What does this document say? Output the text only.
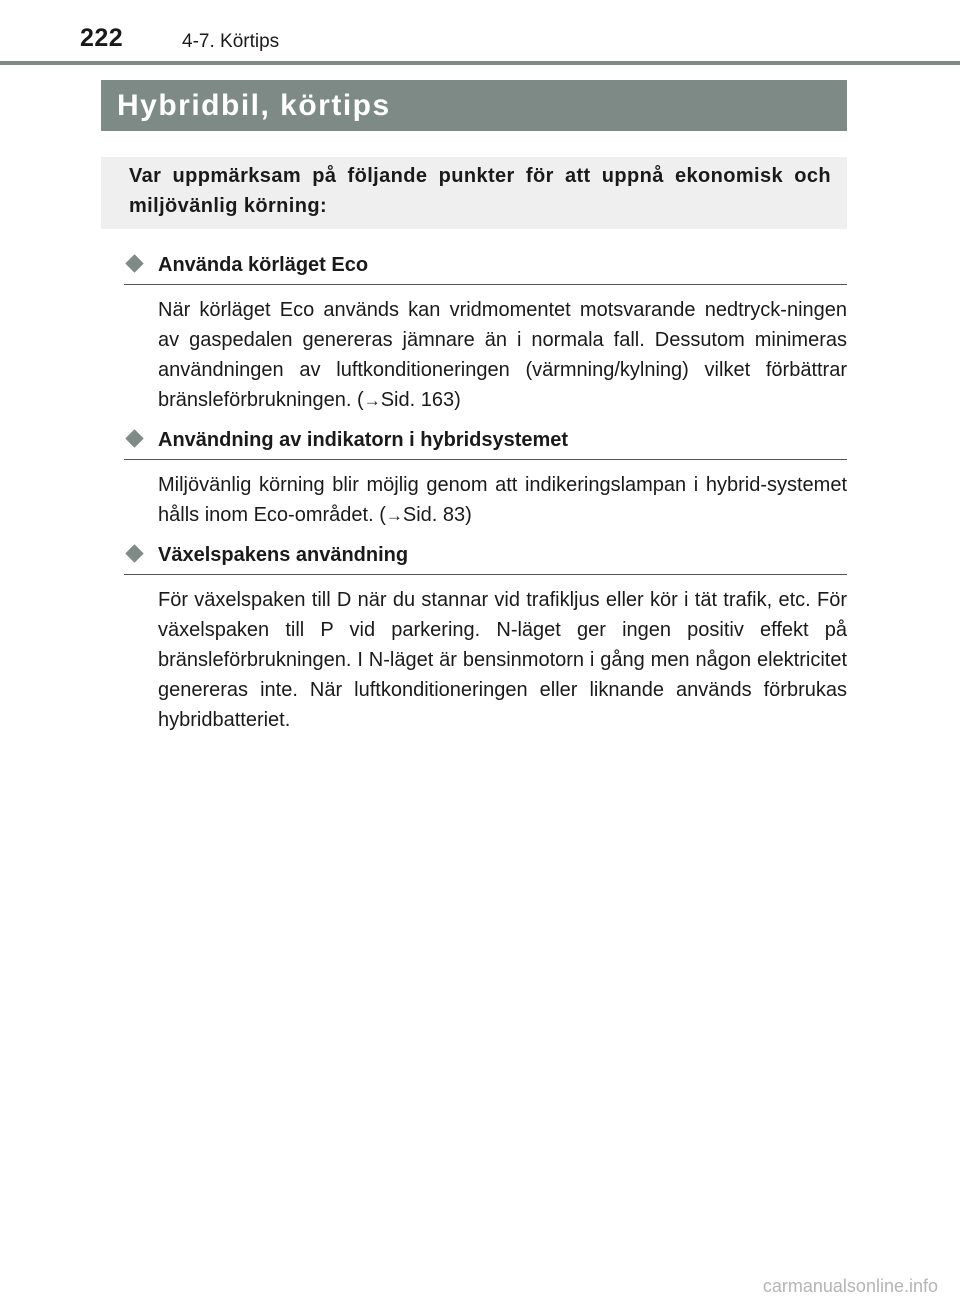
222	4-7. Körtips
Hybridbil, körtips

Var uppmärksam på följande punkter för att uppnå ekonomisk och miljövänlig körning:

Använda körläget Eco

När körläget Eco används kan vridmomentet motsvarande nedtryck-ningen av gaspedalen genereras jämnare än i normala fall. Dessutom minimeras användningen av luftkonditioneringen (värmning/kylning) vilket förbättrar bränsleförbrukningen. (→Sid. 163)

Användning av indikatorn i hybridsystemet

Miljövänlig körning blir möjlig genom att indikeringslampan i hybrid-systemet hålls inom Eco-området. (→Sid. 83)

Växelspakens användning

För växelspaken till D när du stannar vid trafikljus eller kör i tät trafik, etc. För växelspaken till P vid parkering. N-läget ger ingen positiv effekt på bränsleförbrukningen. I N-läget är bensinmotorn i gång men någon elektricitet genereras inte. När luftkonditioneringen eller liknande används förbrukas hybridbatteriet.

carmanualsonline.info
